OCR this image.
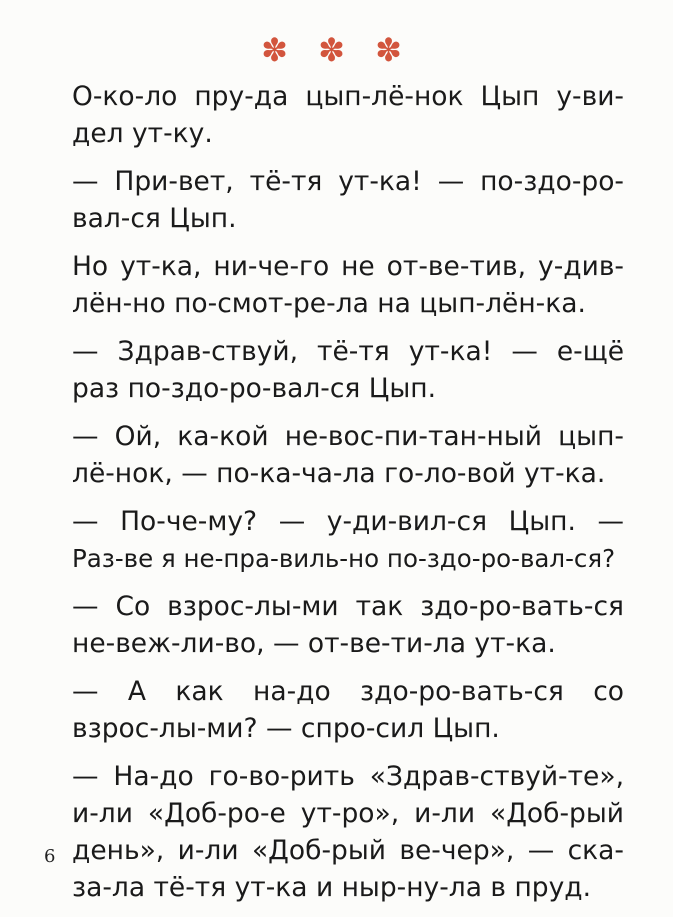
✽ ✽ ✽
О-ко-ло пру-да цып-лё-нок Цып у-ви-
дел ут-ку.
— При-вет, тё-тя ут-ка! — по-здо-ро-
вал-ся Цып.
Но ут-ка, ни-че-го не от-ве-тив, у-див-
лён-но по-смот-ре-ла на цып-лён-ка.
— Здрав-ствуй, тё-тя ут-ка! — е-щё
раз по-здо-ро-вал-ся Цып.
— Ой, ка-кой не-вос-пи-тан-ный цып-
лё-нок, — по-ка-ча-ла го-ло-вой ут-ка.
— По-че-му? — у-ди-вил-ся Цып. —
Раз-ве я не-пра-виль-но по-здо-ро-вал-ся?
— Со взрос-лы-ми так здо-ро-вать-ся
не-веж-ли-во, — от-ве-ти-ла ут-ка.
— А как на-до здо-ро-вать-ся со
взрос-лы-ми? — спро-сил Цып.
— На-до го-во-рить «Здрав-ствуй-те»,
и-ли «Доб-ро-е ут-ро», и-ли «Доб-рый
день», и-ли «Доб-рый ве-чер», — ска-
за-ла тё-тя ут-ка и ныр-ну-ла в пруд.
6
